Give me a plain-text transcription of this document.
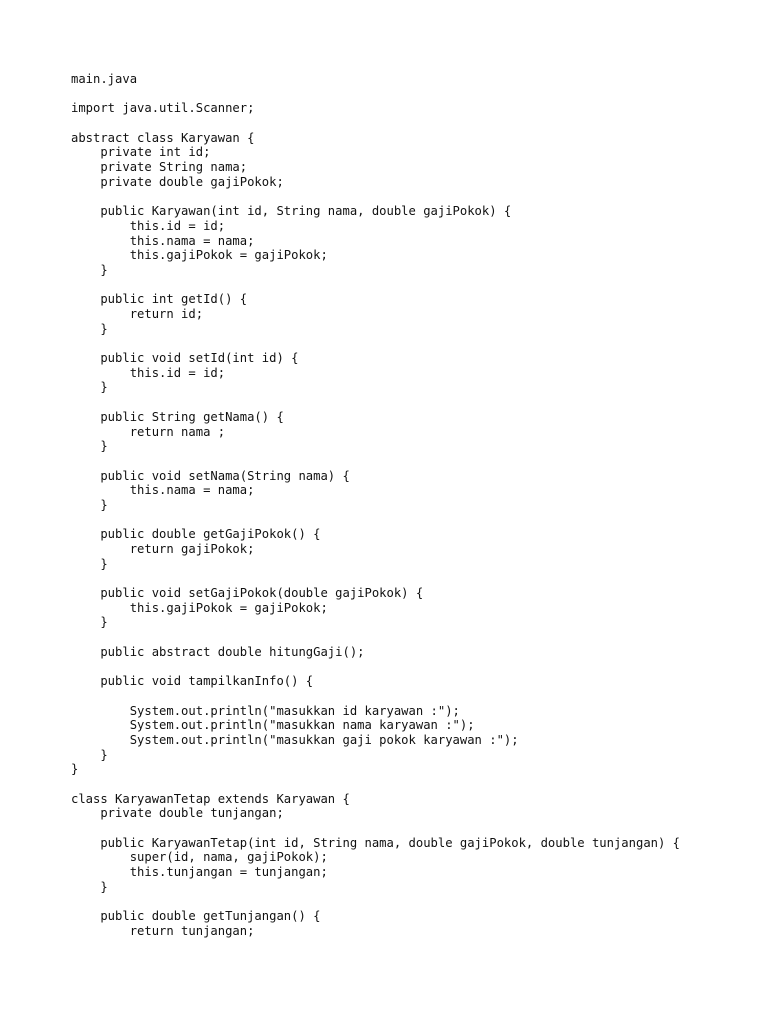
main.java
import java.util.Scanner;
abstract class Karyawan {
private int id;
private String nama;
private double gajiPokok;
public Karyawan(int id, String nama, double gajiPokok) {
this.id = id;
this.nama = nama;
this.gajiPokok = gajiPokok;
}
public int getId() {
return id;
}
public void setId(int id) {
this.id = id;
}
public String getNama() {
return nama ;
}
public void setNama(String nama) {
this.nama = nama;
}
public double getGajiPokok() {
return gajiPokok;
}
public void setGajiPokok(double gajiPokok) {
this.gajiPokok = gajiPokok;
}
public abstract double hitungGaji();
public void tampilkanInfo() {
System.out.println("masukkan id karyawan :");
System.out.println("masukkan nama karyawan :");
System.out.println("masukkan gaji pokok karyawan :");
}
}
class KaryawanTetap extends Karyawan {
private double tunjangan;
public KaryawanTetap(int id, String nama, double gajiPokok, double tunjangan) {
super(id, nama, gajiPokok);
this.tunjangan = tunjangan;
}
public double getTunjangan() {
return tunjangan;
